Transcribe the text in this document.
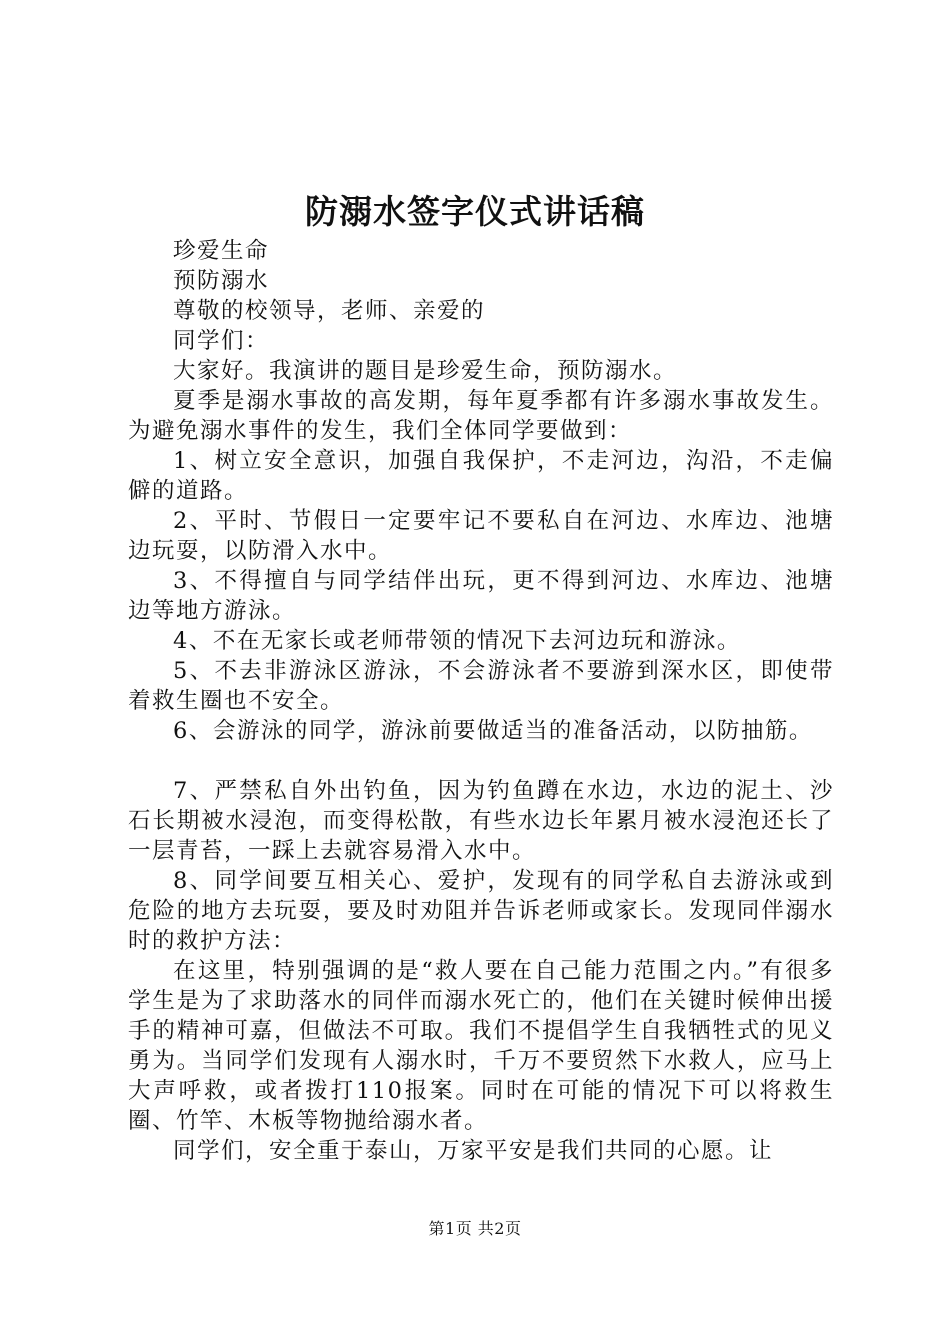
防溺水签字仪式讲话稿

珍爱生命

预防溺水

尊敬的校领导，老师、亲爱的

同学们：

大家好。我演讲的题目是珍爱生命，预防溺水。

夏季是溺水事故的高发期，每年夏季都有许多溺水事故发生。为避免溺水事件的发生，我们全体同学要做到：

1、树立安全意识，加强自我保护，不走河边，沟沿，不走偏僻的道路。

2、平时、节假日一定要牢记不要私自在河边、水库边、池塘边玩耍，以防滑入水中。

3、不得擅自与同学结伴出玩，更不得到河边、水库边、池塘边等地方游泳。

4、不在无家长或老师带领的情况下去河边玩和游泳。

5、不去非游泳区游泳，不会游泳者不要游到深水区，即使带着救生圈也不安全。

6、会游泳的同学，游泳前要做适当的准备活动，以防抽筋。

7、严禁私自外出钓鱼，因为钓鱼蹲在水边，水边的泥土、沙石长期被水浸泡，而变得松散，有些水边长年累月被水浸泡还长了一层青苔，一踩上去就容易滑入水中。

8、同学间要互相关心、爱护，发现有的同学私自去游泳或到危险的地方去玩耍，要及时劝阻并告诉老师或家长。发现同伴溺水时的救护方法：

在这里，特别强调的是“救人要在自己能力范围之内。”有很多学生是为了求助落水的同伴而溺水死亡的，他们在关键时候伸出援手的精神可嘉，但做法不可取。我们不提倡学生自我牺牲式的见义勇为。当同学们发现有人溺水时，千万不要贸然下水救人，应马上大声呼救，或者拨打110报案。同时在可能的情况下可以将救生圈、竹竿、木板等物抛给溺水者。

同学们，安全重于泰山，万家平安是我们共同的心愿。让

第1页 共2页
